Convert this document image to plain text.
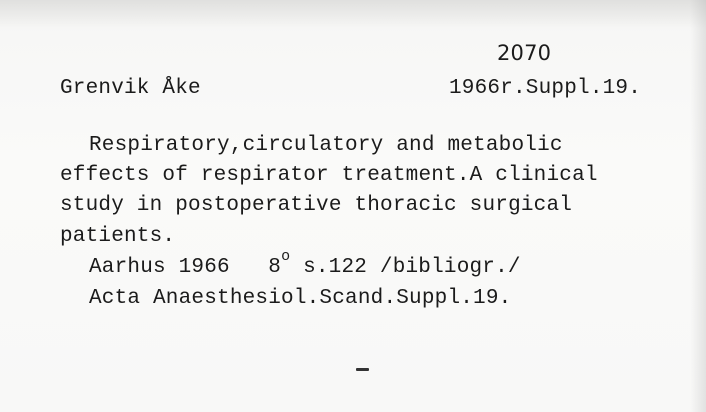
2070
Grenvik Åke	1966r.Suppl.19.
Respiratory,circulatory and metabolic
effects of respirator treatment.A clinical
study in postoperative thoracic surgical
patients.
Aarhus 1966 8$^o$ s.122 /bibliogr./
Acta Anaesthesiol.Scand.Suppl.19.
